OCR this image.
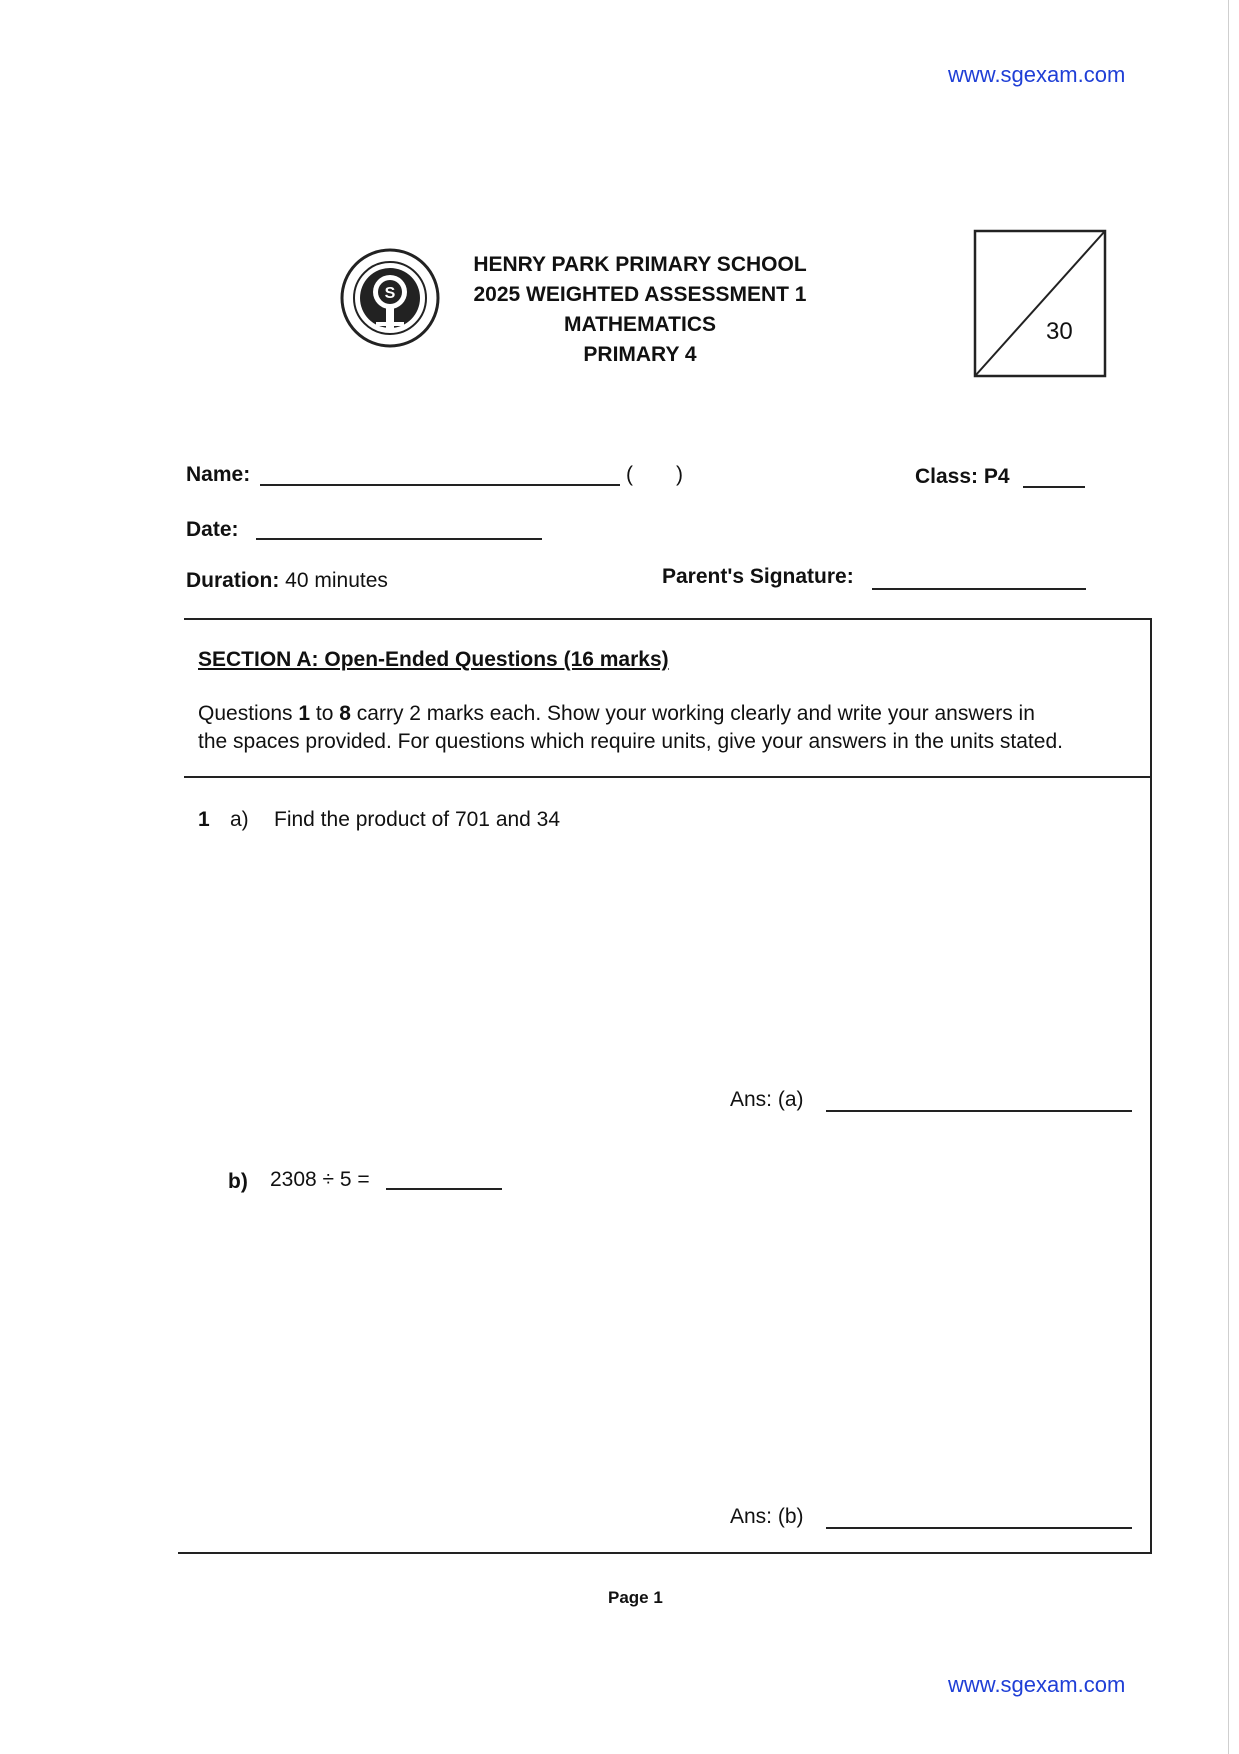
www.sgexam.com
S
HENRY PARK PRIMARY SCHOOL
2025 WEIGHTED ASSESSMENT 1
MATHEMATICS
PRIMARY 4
30
Name:	( )	Class: P4
Date:
Duration: 40 minutes	Parent's Signature:
SECTION A: Open-Ended Questions (16 marks)
Questions 1 to 8 carry 2 marks each. Show your working clearly and write your answers in
the spaces provided. For questions which require units, give your answers in the units stated.
1 a) Find the product of 701 and 34
Ans: (a)
b) 2308 ÷ 5 =
Ans: (b)
Page 1
www.sgexam.com
